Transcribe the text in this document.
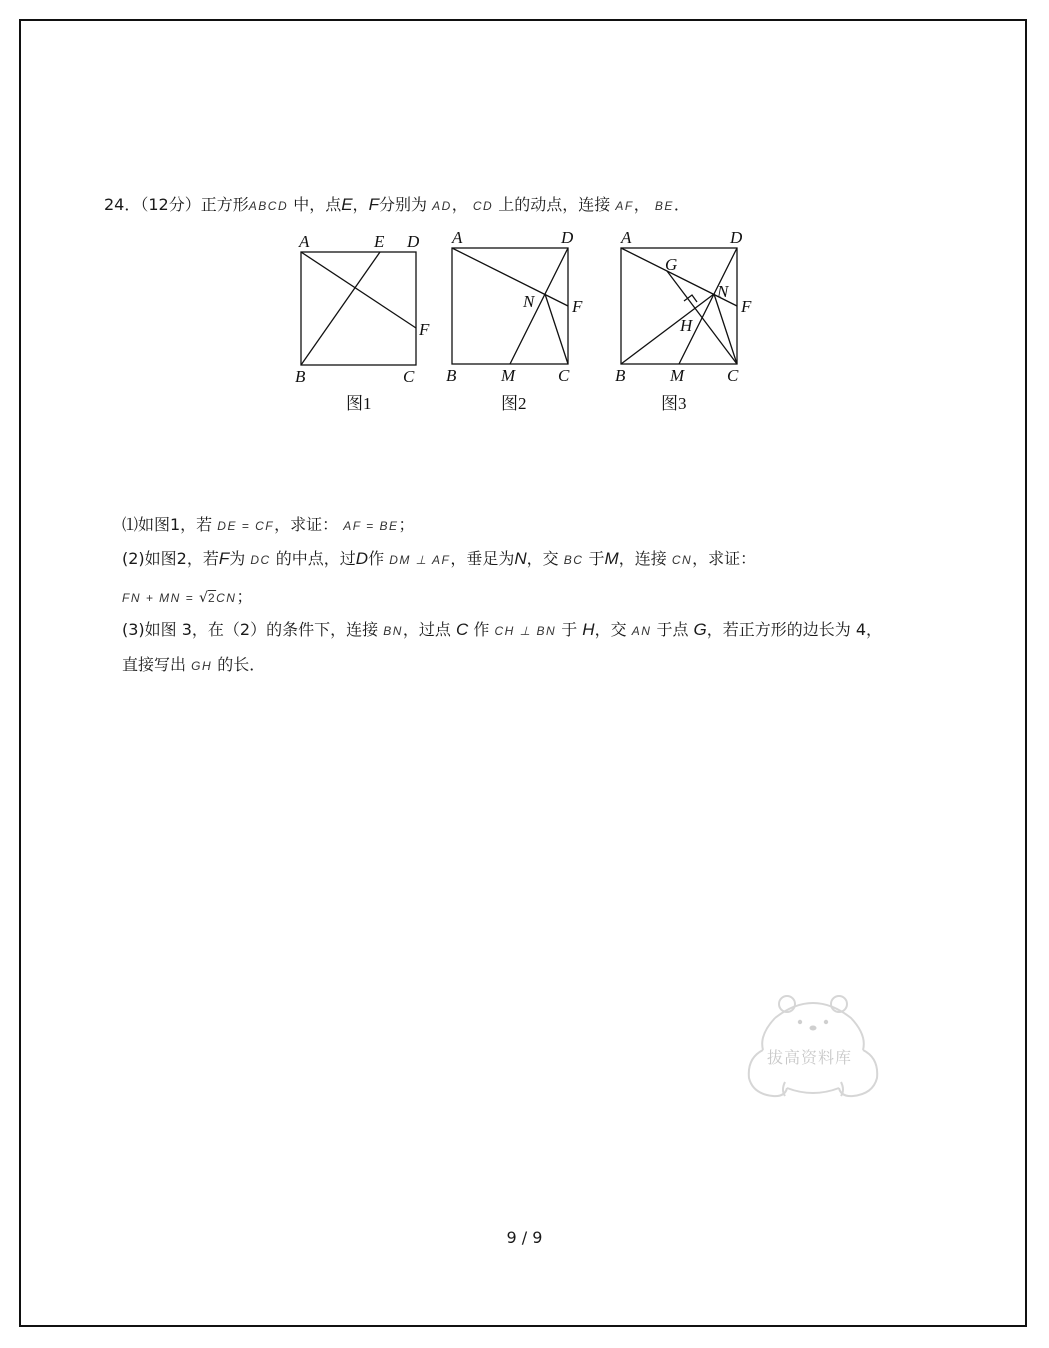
24．（12分）正方形ABCD 中，点E，F分别为 AD， CD 上的动点，连接 AF， BE．
A	E D
F
B	C
图1
A	D
N F
B	M	C
图2
A	D
G
N
F
H
B	M	C
图3
⑴如图1，若 DE = CF，求证： AF = BE；
(2)如图2，若F为 DC 的中点，过D作 DM ⊥ AF，垂足为N，交 BC 于M，连接 CN，求证：
FN + MN = √2CN；
(3)如图 3，在（2）的条件下，连接 BN，过点 C 作 CH ⊥ BN 于 H，交 AN 于点 G，若正方形的边长为 4，
直接写出 GH 的长．
拔高资料库
9 / 9
